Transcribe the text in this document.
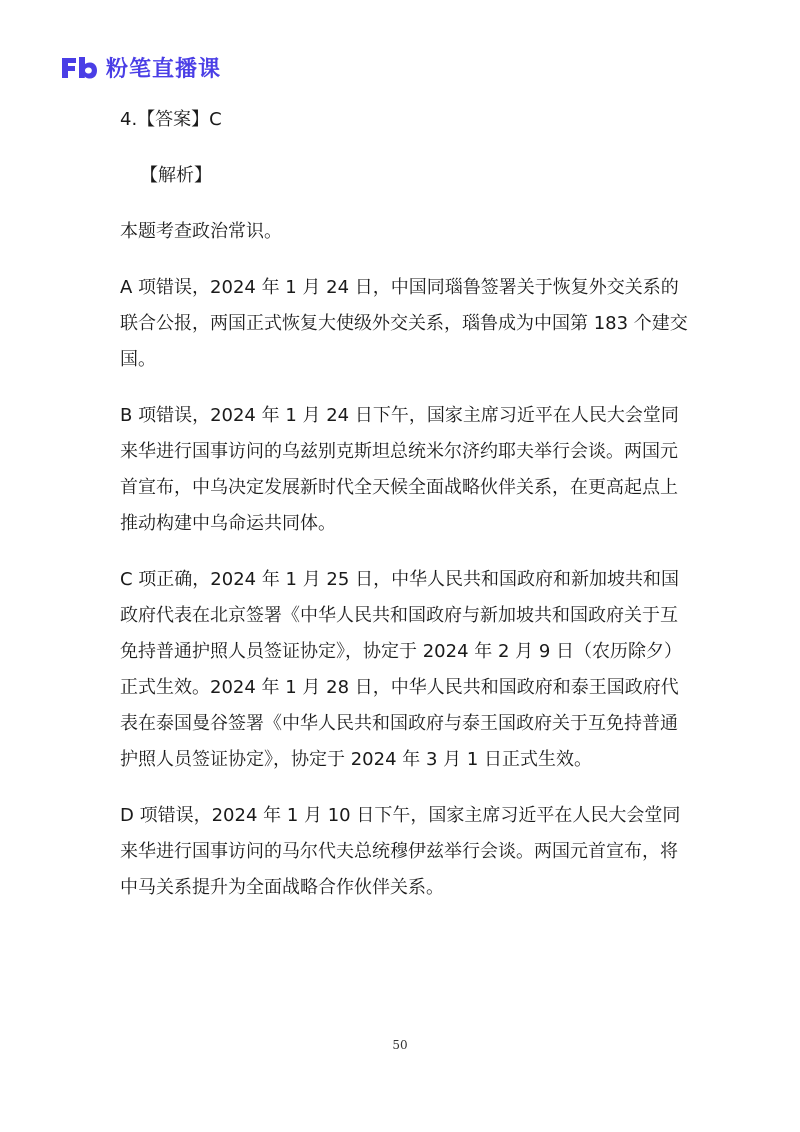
粉笔直播课

4.【答案】C

【解析】

本题考查政治常识。

A 项错误，2024 年 1 月 24 日，中国同瑙鲁签署关于恢复外交关系的联合公报，两国正式恢复大使级外交关系，瑙鲁成为中国第 183 个建交国。

B 项错误，2024 年 1 月 24 日下午，国家主席习近平在人民大会堂同来华进行国事访问的乌兹别克斯坦总统米尔济约耶夫举行会谈。两国元首宣布，中乌决定发展新时代全天候全面战略伙伴关系，在更高起点上推动构建中乌命运共同体。

C 项正确，2024 年 1 月 25 日，中华人民共和国政府和新加坡共和国政府代表在北京签署《中华人民共和国政府与新加坡共和国政府关于互免持普通护照人员签证协定》，协定于 2024 年 2 月 9 日（农历除夕）正式生效。2024 年 1 月 28 日，中华人民共和国政府和泰王国政府代表在泰国曼谷签署《中华人民共和国政府与泰王国政府关于互免持普通护照人员签证协定》，协定于 2024 年 3 月 1 日正式生效。

D 项错误，2024 年 1 月 10 日下午，国家主席习近平在人民大会堂同来华进行国事访问的马尔代夫总统穆伊兹举行会谈。两国元首宣布，将中马关系提升为全面战略合作伙伴关系。

50
